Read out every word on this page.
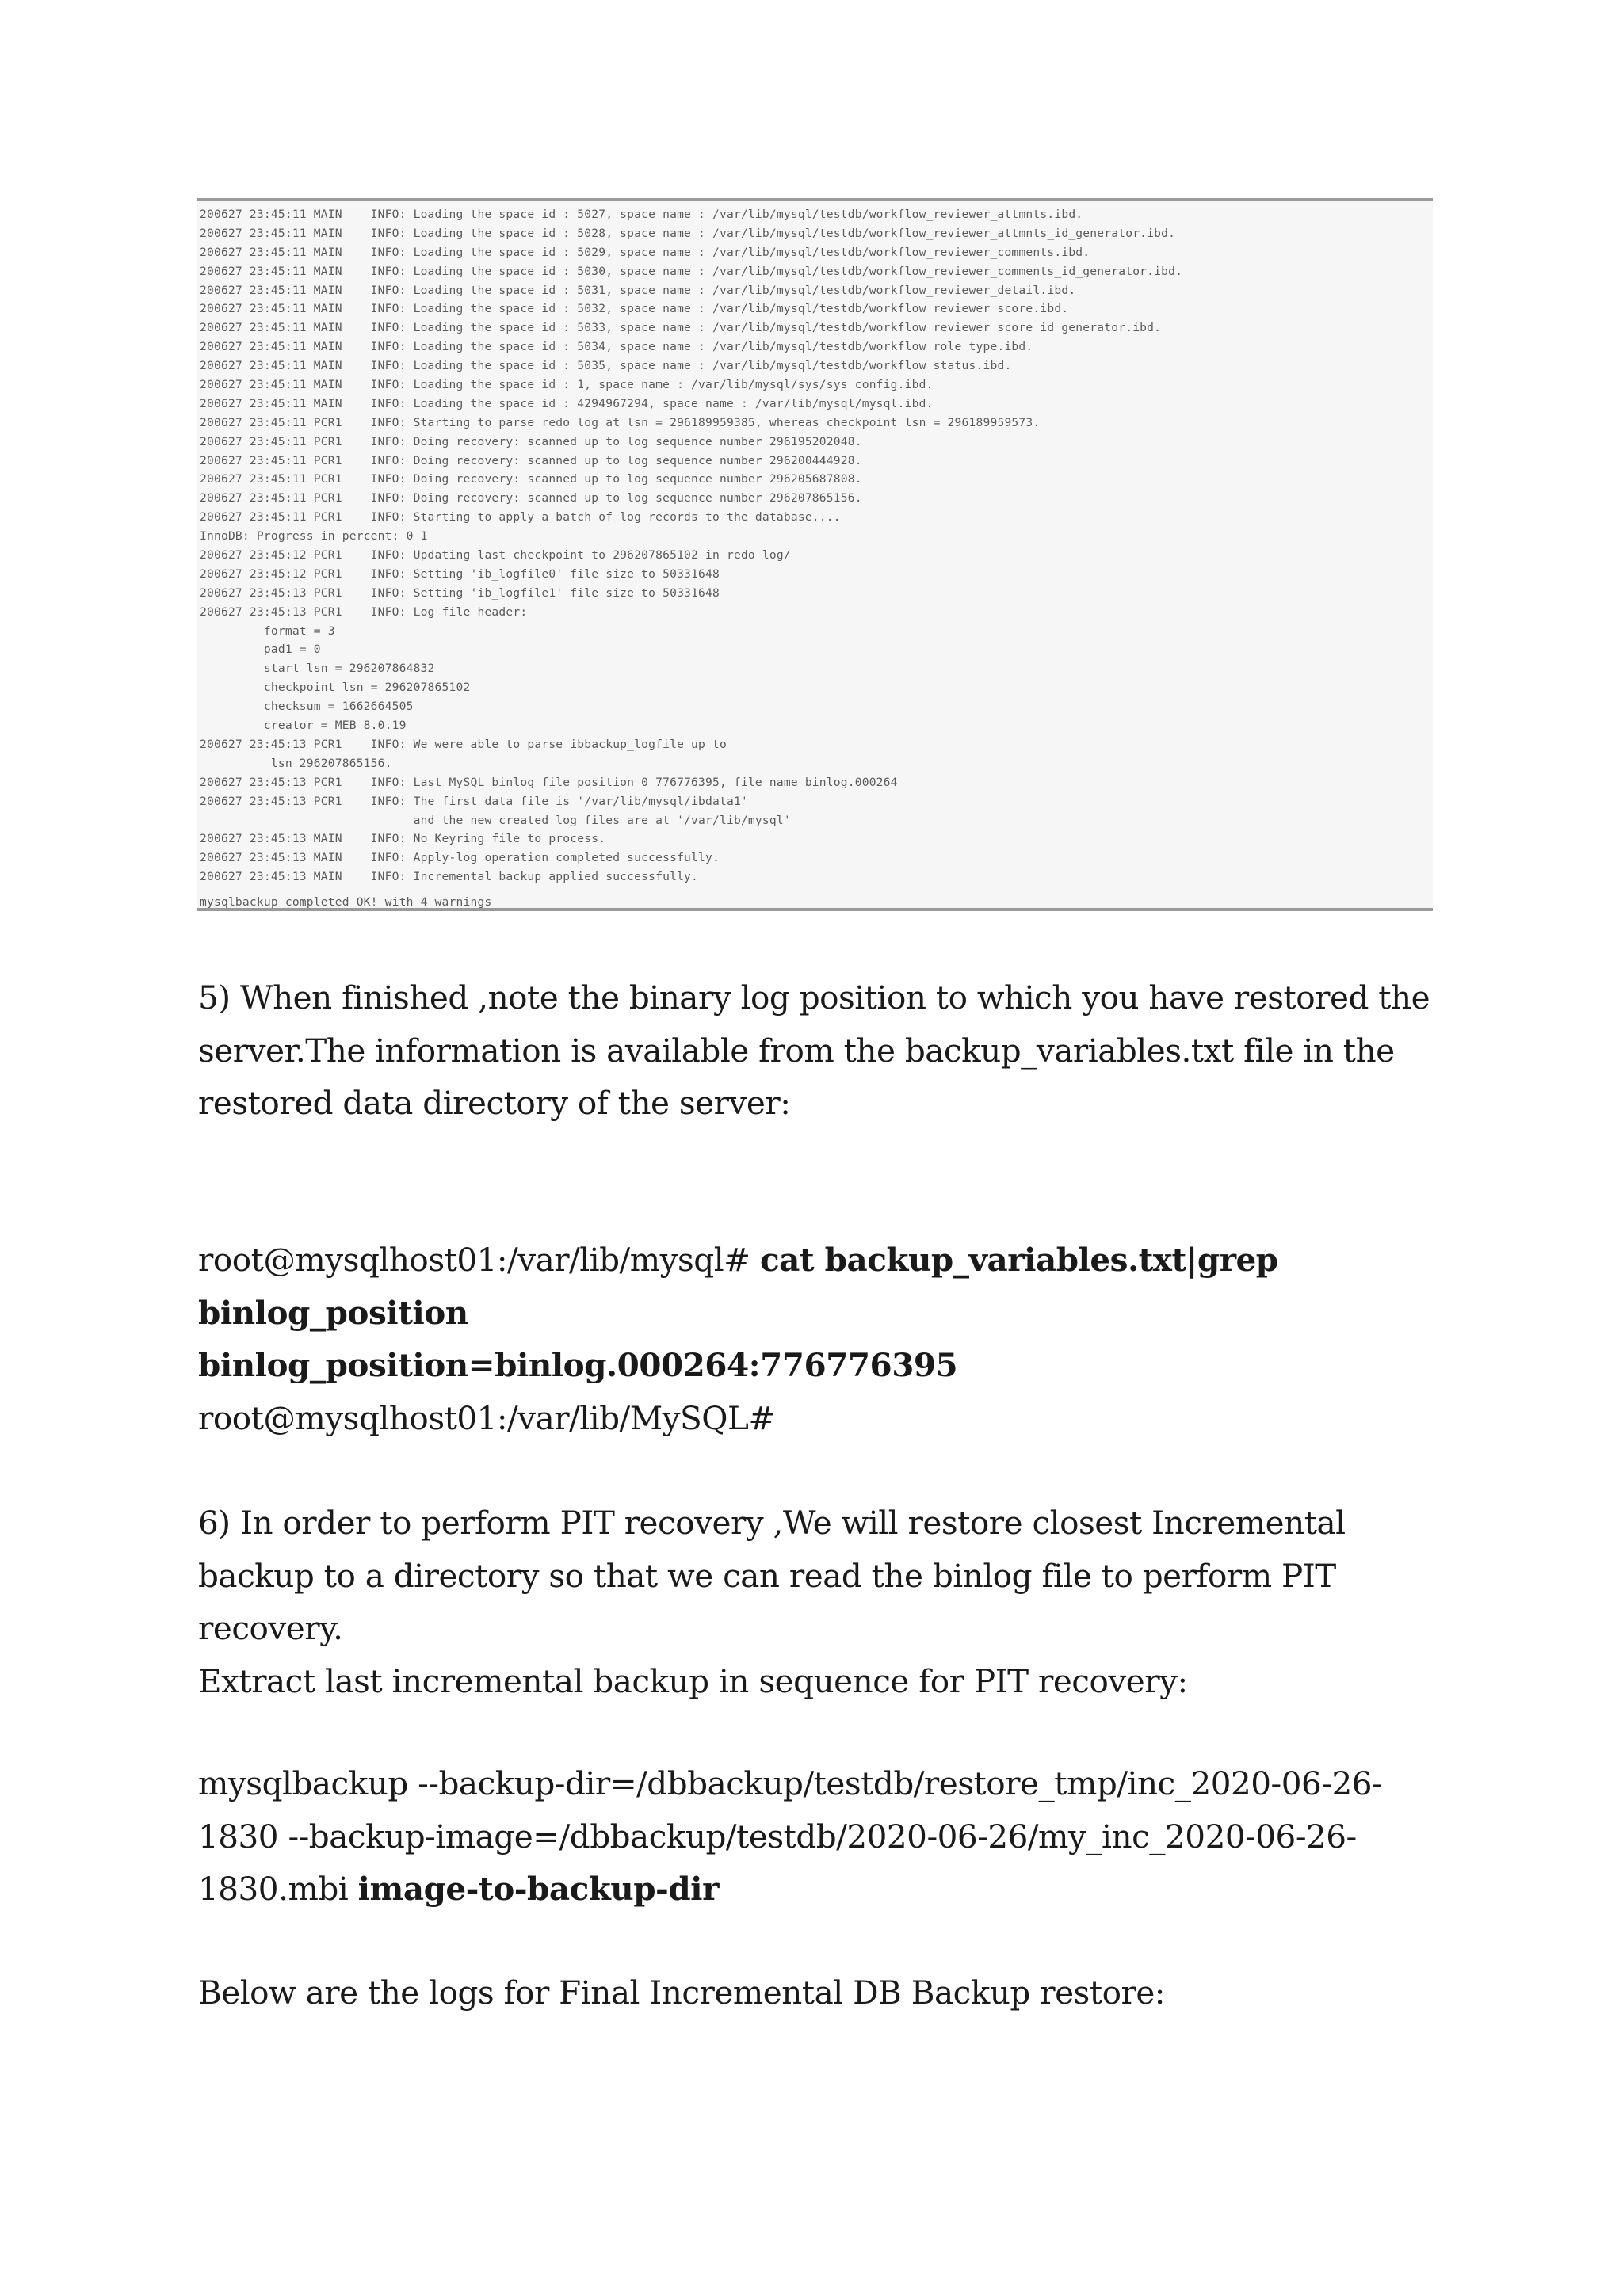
200627 23:45:11 MAIN    INFO: Loading the space id : 5027, space name : /var/lib/mysql/testdb/workflow_reviewer_attmnts.ibd.
200627 23:45:11 MAIN    INFO: Loading the space id : 5028, space name : /var/lib/mysql/testdb/workflow_reviewer_attmnts_id_generator.ibd.
200627 23:45:11 MAIN    INFO: Loading the space id : 5029, space name : /var/lib/mysql/testdb/workflow_reviewer_comments.ibd.
200627 23:45:11 MAIN    INFO: Loading the space id : 5030, space name : /var/lib/mysql/testdb/workflow_reviewer_comments_id_generator.ibd.
200627 23:45:11 MAIN    INFO: Loading the space id : 5031, space name : /var/lib/mysql/testdb/workflow_reviewer_detail.ibd.
200627 23:45:11 MAIN    INFO: Loading the space id : 5032, space name : /var/lib/mysql/testdb/workflow_reviewer_score.ibd.
200627 23:45:11 MAIN    INFO: Loading the space id : 5033, space name : /var/lib/mysql/testdb/workflow_reviewer_score_id_generator.ibd.
200627 23:45:11 MAIN    INFO: Loading the space id : 5034, space name : /var/lib/mysql/testdb/workflow_role_type.ibd.
200627 23:45:11 MAIN    INFO: Loading the space id : 5035, space name : /var/lib/mysql/testdb/workflow_status.ibd.
200627 23:45:11 MAIN    INFO: Loading the space id : 1, space name : /var/lib/mysql/sys/sys_config.ibd.
200627 23:45:11 MAIN    INFO: Loading the space id : 4294967294, space name : /var/lib/mysql/mysql.ibd.
200627 23:45:11 PCR1    INFO: Starting to parse redo log at lsn = 296189959385, whereas checkpoint_lsn = 296189959573.
200627 23:45:11 PCR1    INFO: Doing recovery: scanned up to log sequence number 296195202048.
200627 23:45:11 PCR1    INFO: Doing recovery: scanned up to log sequence number 296200444928.
200627 23:45:11 PCR1    INFO: Doing recovery: scanned up to log sequence number 296205687808.
200627 23:45:11 PCR1    INFO: Doing recovery: scanned up to log sequence number 296207865156.
200627 23:45:11 PCR1    INFO: Starting to apply a batch of log records to the database....
InnoDB: Progress in percent: 0 1
200627 23:45:12 PCR1    INFO: Updating last checkpoint to 296207865102 in redo log/
200627 23:45:12 PCR1    INFO: Setting 'ib_logfile0' file size to 50331648
200627 23:45:13 PCR1    INFO: Setting 'ib_logfile1' file size to 50331648
200627 23:45:13 PCR1    INFO: Log file header:
format = 3
pad1 = 0
start lsn = 296207864832
checkpoint lsn = 296207865102
checksum = 1662664505
creator = MEB 8.0.19
200627 23:45:13 PCR1    INFO: We were able to parse ibbackup_logfile up to
lsn 296207865156.
200627 23:45:13 PCR1    INFO: Last MySQL binlog file position 0 776776395, file name binlog.000264
200627 23:45:13 PCR1    INFO: The first data file is '/var/lib/mysql/ibdata1'
and the new created log files are at '/var/lib/mysql'
200627 23:45:13 MAIN    INFO: No Keyring file to process.
200627 23:45:13 MAIN    INFO: Apply-log operation completed successfully.
200627 23:45:13 MAIN    INFO: Incremental backup applied successfully.
mysqlbackup completed OK! with 4 warnings

5) When finished ,note the binary log position to which you have restored the server.The information is available from the backup_variables.txt file in the restored data directory of the server:

root@mysqlhost01:/var/lib/mysql# cat backup_variables.txt|grep binlog_position

binlog_position=binlog.000264:776776395

root@mysqlhost01:/var/lib/MySQL#

6) In order to perform PIT recovery ,We will restore closest Incremental backup to a directory so that we can read the binlog file to perform PIT recovery.

Extract last incremental backup in sequence for PIT recovery:

mysqlbackup --backup-dir=/dbbackup/testdb/restore_tmp/inc_2020-06-26-1830 --backup-image=/dbbackup/testdb/2020-06-26/my_inc_2020-06-26-1830.mbi image-to-backup-dir

Below are the logs for Final Incremental DB Backup restore:
